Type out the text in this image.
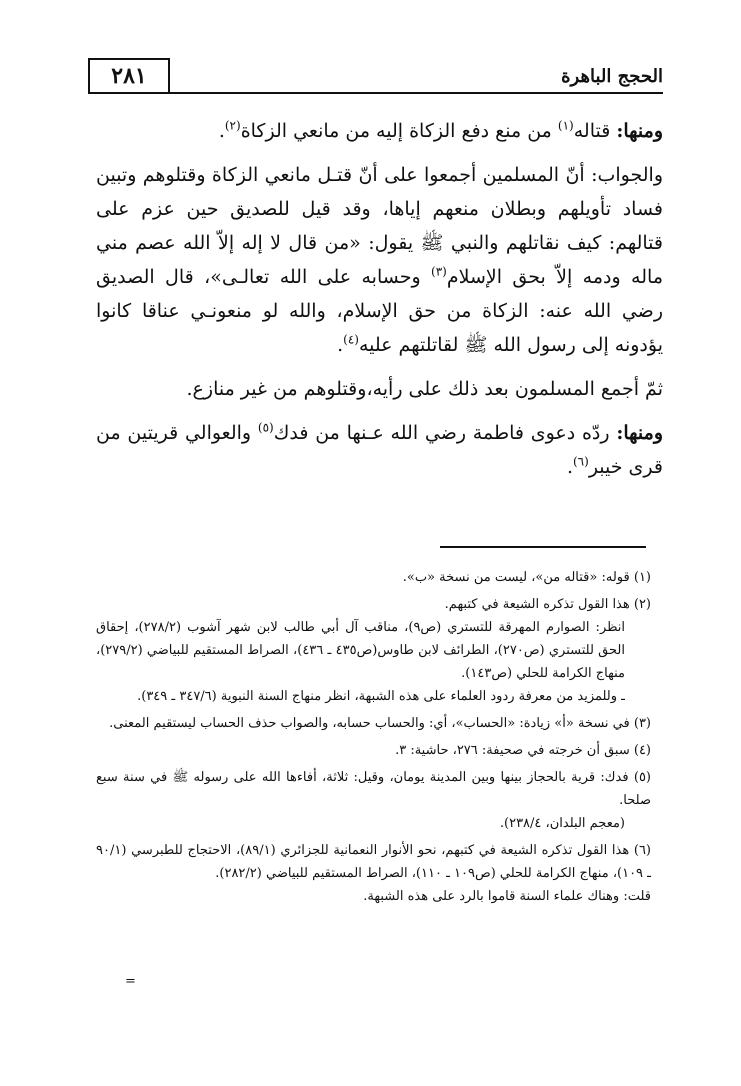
الحجج الباهرة
٢٨١

ومنها: قتاله$^{(١)}$ من منع دفع الزكاة إليه من مانعي الزكاة$^{(٢)}$.

والجواب: أنّ المسلمين أجمعوا على أنّ قتـل مانعي الزكاة وقتلوهم وتبين فساد تأويلهم وبطلان منعهم إياها، وقد قيل للصديق حين عزم على قتالهم: كيف نقاتلهم والنبي ﷺ يقول: «من قال لا إله إلاّ الله عصم مني ماله ودمه إلاّ بحق الإسلام$^{(٣)}$ وحسابه على الله تعالـى»، قال الصديق رضي الله عنه: الزكاة من حق الإسلام، والله لو منعونـي عناقا كانوا يؤدونه إلى رسول الله ﷺ لقاتلتهم عليه$^{(٤)}$.

ثمّ أجمع المسلمون بعد ذلك على رأيه،وقتلوهم من غير منازع.

ومنها: ردّه دعوى فاطمة رضي الله عـنها من فدك$^{(٥)}$ والعوالي قريتين من قرى خيبر$^{(٦)}$.

(١) قوله: «قتاله من»، ليست من نسخة «ب».
(٢) هذا القول تذكره الشيعة في كتبهم.
انظر: الصوارم المهرقة للتستري (ص٩)، مناقب آل أبي طالب لابن شهر آشوب (٢٧٨/٢)، إحقاق الحق للتستري (ص٢٧٠)، الطرائف لابن طاوس(ص٤٣٥ ـ ٤٣٦)، الصراط المستقيم للبياضي (٢٧٩/٢)، منهاج الكرامة للحلي (ص١٤٣).
ـ وللمزيد من معرفة ردود العلماء على هذه الشبهة، انظر منهاج السنة النبوية (٣٤٧/٦ ـ ٣٤٩).
(٣) في نسخة «أ» زيادة: «الحساب»، أي: والحساب حسابه، والصواب حذف الحساب ليستقيم المعنى.
(٤) سبق أن خرجته في صحيفة: ٢٧٦، حاشية: ٣.
(٥) فدك: قرية بالحجاز بينها وبين المدينة يومان، وقيل: ثلاثة، أفاءها الله على رسوله ﷺ في سنة سبع صلحا.
(معجم البلدان، ٢٣٨/٤).
(٦) هذا القول تذكره الشيعة في كتبهم، نحو الأنوار النعمانية للجزائري (٨٩/١)، الاحتجاج للطبرسي (٩٠/١ ـ ١٠٩)، منهاج الكرامة للحلي (ص١٠٩ ـ ١١٠)، الصراط المستقيم للبياضي (٢٨٢/٢).
قلت: وهناك علماء السنة قاموا بالرد على هذه الشبهة.
=
